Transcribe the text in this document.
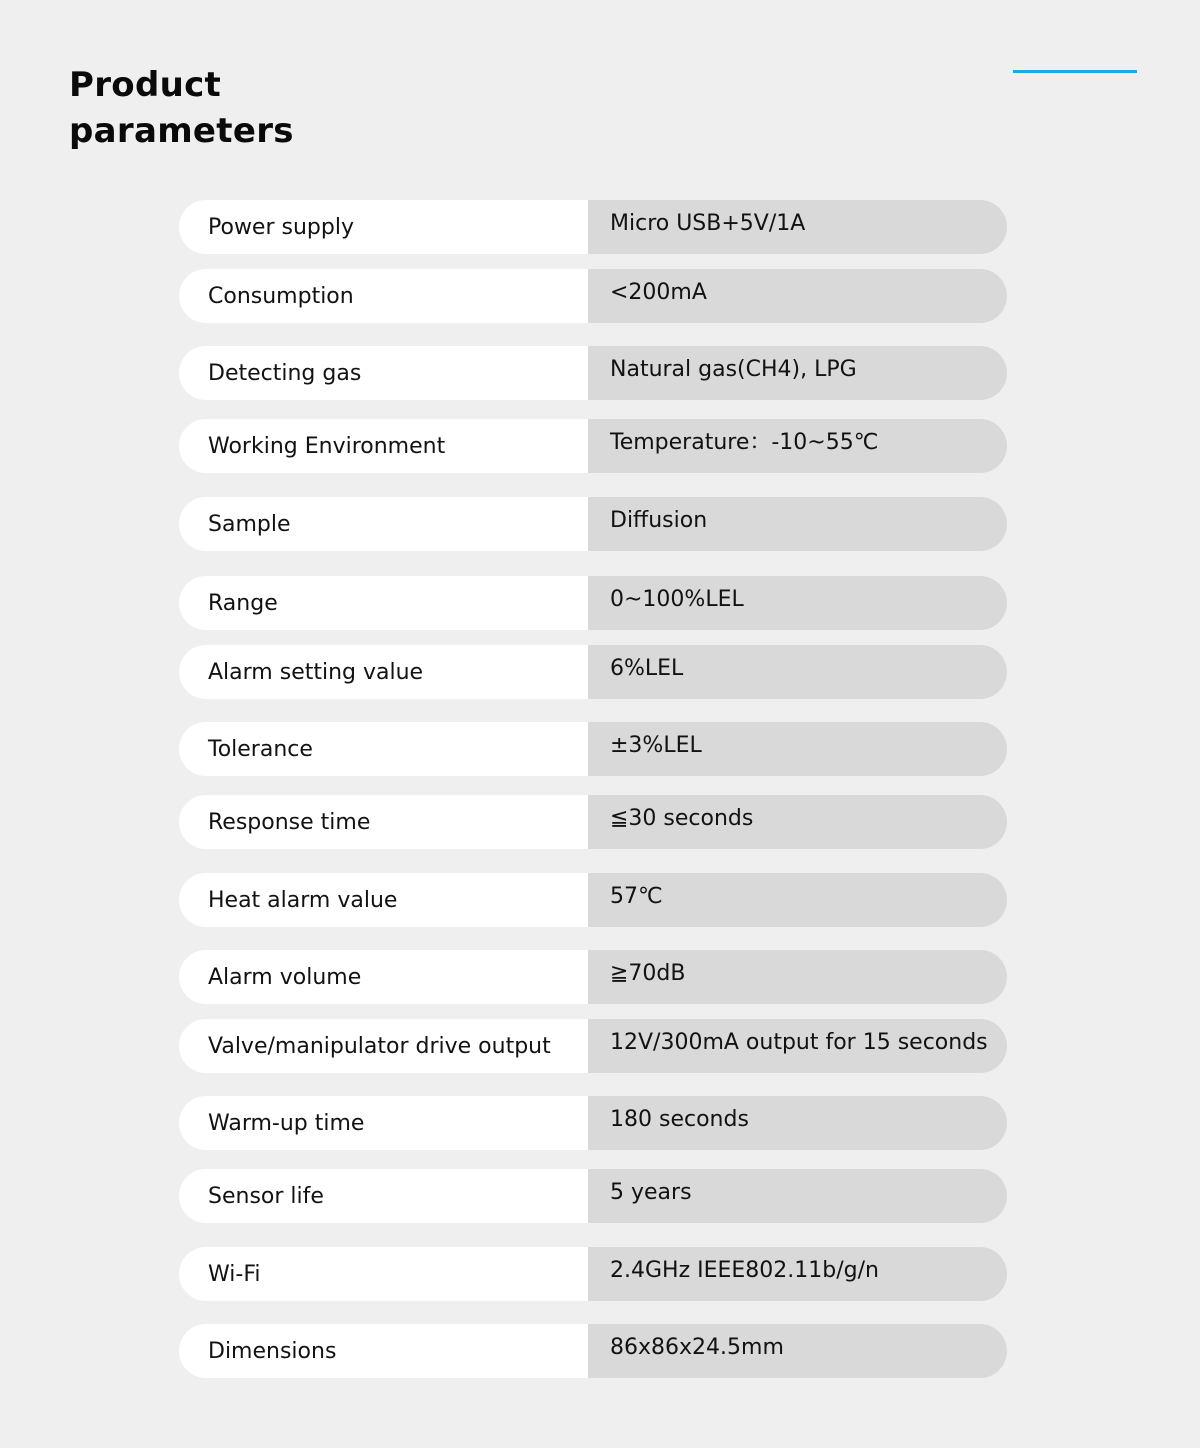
Product
parameters
Power supply	Micro USB+5V/1A
Consumption	<200mA
Detecting gas	Natural gas(CH4), LPG
Working Environment	Temperature：-10~55℃
Sample	Diffusion
Range	0~100%LEL
Alarm setting value	6%LEL
Tolerance	±3%LEL
Response time	≦30 seconds
Heat alarm value	57℃
Alarm volume	≧70dB
Valve/manipulator drive output	12V/300mA output for 15 seconds
Warm-up time	180 seconds
Sensor life	5 years
Wi-Fi	2.4GHz IEEE802.11b/g/n
Dimensions	86x86x24.5mm
